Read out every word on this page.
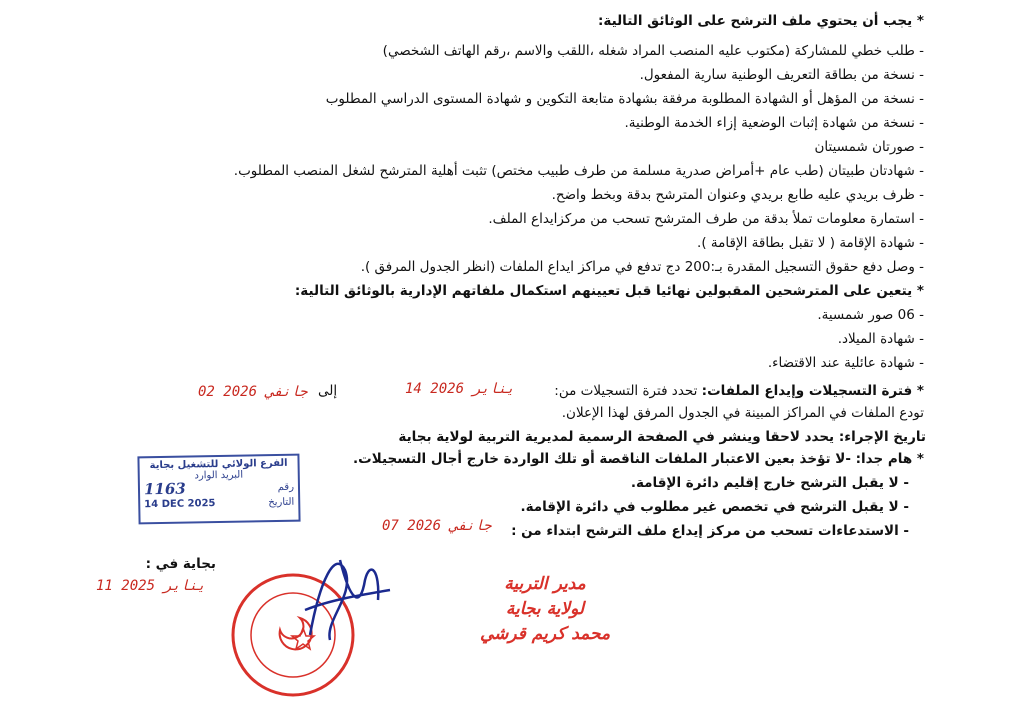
* يجب أن يحتوي ملف الترشح على الوثائق التالية:
- طلب خطي للمشاركة (مكتوب عليه المنصب المراد شغله ،اللقب والاسم ،رقم الهاتف الشخصي)
- نسخة من بطاقة التعريف الوطنية سارية المفعول.
- نسخة من المؤهل أو الشهادة المطلوبة مرفقة بشهادة متابعة التكوين و شهادة المستوى الدراسي المطلوب
- نسخة من شهادة إثبات الوضعية إزاء الخدمة الوطنية.
- صورتان شمسيتان
- شهادتان طبيتان (طب عام +أمراض صدرية مسلمة من طرف طبيب مختص) تثبت أهلية المترشح لشغل المنصب المطلوب.
- ظرف بريدي عليه طابع بريدي وعنوان المترشح بدقة وبخط واضح.
- استمارة معلومات تملأ بدقة من طرف المترشح تسحب من مركزايداع الملف.
- شهادة الإقامة ( لا تقبل بطاقة الإقامة ).
- وصل دفع حقوق التسجيل المقدرة بـ:200 دج تدفع في مراكز ايداع الملفات (انظر الجدول المرفق ).
* يتعين على المترشحين المقبولين نهائيا قبل تعيينهم استكمال ملفاتهم الإدارية بالوثائق التالية:
- 06 صور شمسية.
- شهادة الميلاد.
- شهادة عائلية عند الاقتضاء.
* فترة التسجيلات وإيداع الملفات: تحدد فترة التسجيلات من:
14 يناير 2026
إلى
02 جانفي 2026
تودع الملفات في المراكز المبينة في الجدول المرفق لهذا الإعلان.
تاريخ الإجراء: يحدد لاحقا وينشر في الصفحة الرسمية لمديرية التربية لولاية بجاية
* هام جدا: -لا تؤخذ بعين الاعتبار الملفات الناقصة أو تلك الواردة خارج أجال التسجيلات.
- لا يقبل الترشح خارج إقليم دائرة الإقامة.
- لا يقبل الترشح في تخصص غير مطلوب في دائرة الإقامة.
- الاستدعاءات تسحب من مركز إيداع ملف الترشح ابتداء من :
07 جانفي 2026
الفرع الولائي للتشغيل بجاية
البريد الوارد
رقم
1163
التاريخ
14 DEC 2025
بجاية في :
11 يناير 2025	مدير التربية
لولاية بجاية
محمد كريم قرشي
